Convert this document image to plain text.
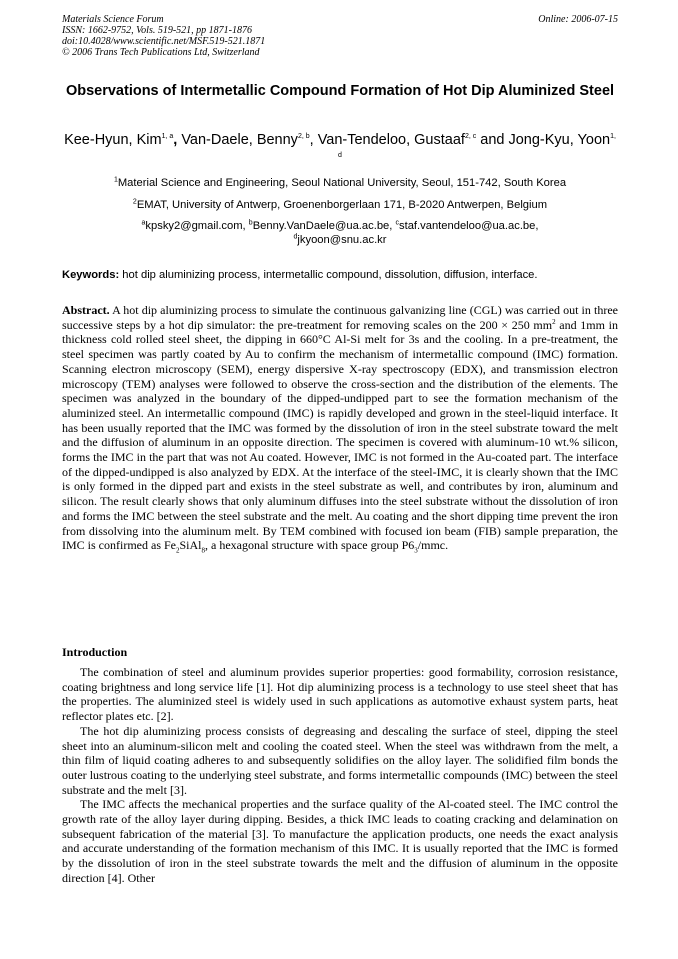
Materials Science Forum
ISSN: 1662-9752, Vols. 519-521, pp 1871-1876
doi:10.4028/www.scientific.net/MSF.519-521.1871
© 2006 Trans Tech Publications Ltd, Switzerland
Online: 2006-07-15
Observations of Intermetallic Compound Formation of Hot Dip Aluminized Steel
Kee-Hyun, Kim$^{1, a}$, Van-Daele, Benny$^{2, b}$, Van-Tendeloo, Gustaaf$^{2, c}$ and Jong-Kyu, Yoon$^{1, d}$
$^1$Material Science and Engineering, Seoul National University, Seoul, 151-742, South Korea
$^2$EMAT, University of Antwerp, Groenenborgerlaan 171, B-2020 Antwerpen, Belgium
$^a$kpsky2@gmail.com, $^b$Benny.VanDaele@ua.ac.be, $^c$staf.vantendeloo@ua.ac.be,
$^d$jkyoon@snu.ac.kr
Keywords: hot dip aluminizing process, intermetallic compound, dissolution, diffusion, interface.

Abstract. A hot dip aluminizing process to simulate the continuous galvanizing line (CGL) was carried out in three successive steps by a hot dip simulator: the pre-treatment for removing scales on the 200 × 250 $mm^2$ and 1mm in thickness cold rolled steel sheet, the dipping in 660°C Al-Si melt for 3s and the cooling. In a pre-treatment, the steel specimen was partly coated by Au to confirm the mechanism of intermetallic compound (IMC) formation. Scanning electron microscopy (SEM), energy dispersive X-ray spectroscopy (EDX), and transmission electron microscopy (TEM) analyses were followed to observe the cross-section and the distribution of the elements. The specimen was analyzed in the boundary of the dipped-undipped part to see the formation mechanism of the aluminized steel. An intermetallic compound (IMC) is rapidly developed and grown in the steel-liquid interface. It has been usually reported that the IMC was formed by the dissolution of iron in the steel substrate toward the melt and the diffusion of aluminum in an opposite direction. The specimen is covered with aluminum-10 wt.% silicon, forms the IMC in the part that was not Au coated. However, IMC is not formed in the Au-coated part. The interface of the dipped-undipped is also analyzed by EDX. At the interface of the steel-IMC, it is clearly shown that the IMC is only formed in the dipped part and exists in the steel substrate as well, and contributes by iron, aluminum and silicon. The result clearly shows that only aluminum diffuses into the steel substrate without the dissolution of iron and forms the IMC between the steel substrate and the melt. Au coating and the short dipping time prevent the iron from dissolving into the aluminum melt. By TEM combined with focused ion beam (FIB) sample preparation, the IMC is confirmed as $Fe_2SiAl_8$, a hexagonal structure with space group $P6_3$/mmc.

Introduction

The combination of steel and aluminum provides superior properties: good formability, corrosion resistance, coating brightness and long service life [1]. Hot dip aluminizing process is a technology to use steel sheet that has the properties. The aluminized steel is widely used in such applications as automotive exhaust system parts, heat reflector plates etc. [2].

The hot dip aluminizing process consists of degreasing and descaling the surface of steel, dipping the steel sheet into an aluminum-silicon melt and cooling the coated steel. When the steel was withdrawn from the melt, a thin film of liquid coating adheres to and subsequently solidifies on the alloy layer. The solidified film bonds the outer lustrous coating to the underlying steel substrate, and forms intermetallic compounds (IMC) between the steel substrate and the melt [3].

The IMC affects the mechanical properties and the surface quality of the Al-coated steel. The IMC control the growth rate of the alloy layer during dipping. Besides, a thick IMC leads to coating cracking and delamination on subsequent fabrication of the material [3]. To manufacture the application products, one needs the exact analysis and accurate understanding of the formation mechanism of this IMC. It is usually reported that the IMC is formed by the dissolution of iron in the steel substrate towards the melt and the diffusion of aluminum in the opposite direction [4]. Other
